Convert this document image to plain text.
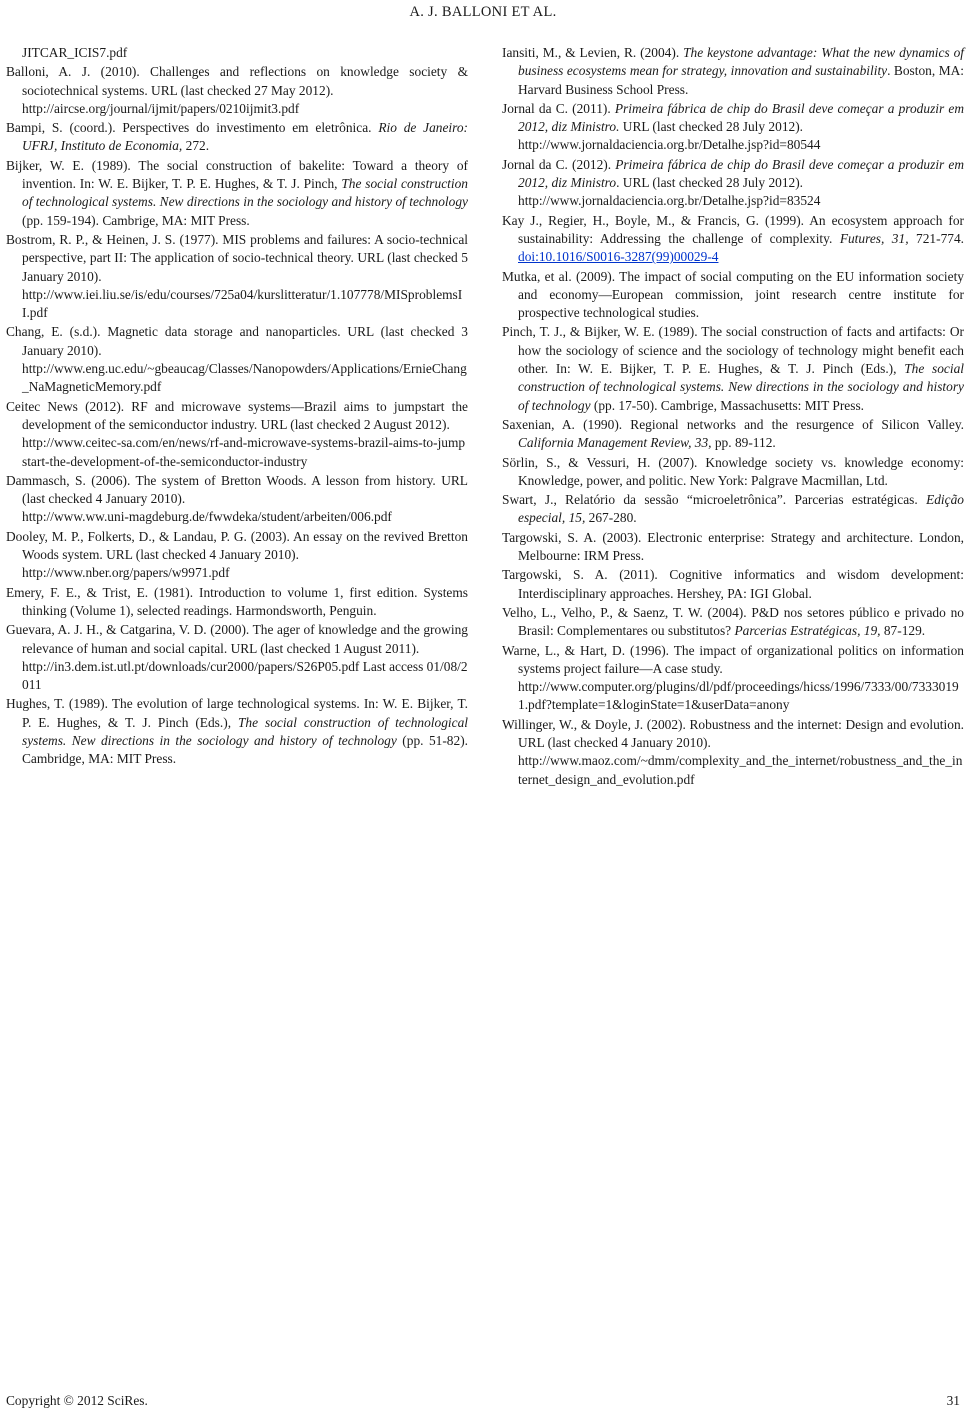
A. J. BALLONI ET AL.

JITCAR_ICIS7.pdf

Balloni, A. J. (2010). Challenges and reflections on knowledge society & sociotechnical systems. URL (last checked 27 May 2012).
http://aircse.org/journal/ijmit/papers/0210ijmit3.pdf

Bampi, S. (coord.). Perspectives do investimento em eletrônica. Rio de Janeiro: UFRJ, Instituto de Economia, 272.

Bijker, W. E. (1989). The social construction of bakelite: Toward a theory of invention. In: W. E. Bijker, T. P. E. Hughes, & T. J. Pinch, The social construction of technological systems. New directions in the sociology and history of technology (pp. 159-194). Cambrige, MA: MIT Press.

Bostrom, R. P., & Heinen, J. S. (1977). MIS problems and failures: A socio-technical perspective, part II: The application of socio-technical theory. URL (last checked 5 January 2010).
http://www.iei.liu.se/is/edu/courses/725a04/kurslitteratur/1.107778/MISproblemsII.pdf

Chang, E. (s.d.). Magnetic data storage and nanoparticles. URL (last checked 3 January 2010).
http://www.eng.uc.edu/~gbeaucag/Classes/Nanopowders/Applications/ErnieChang_NaMagneticMemory.pdf

Ceitec News (2012). RF and microwave systems—Brazil aims to jumpstart the development of the semiconductor industry. URL (last checked 2 August 2012).
http://www.ceitec-sa.com/en/news/rf-and-microwave-systems-brazil-aims-to-jumpstart-the-development-of-the-semiconductor-industry

Dammasch, S. (2006). The system of Bretton Woods. A lesson from history. URL (last checked 4 January 2010).
http://www.ww.uni-magdeburg.de/fwwdeka/student/arbeiten/006.pdf

Dooley, M. P., Folkerts, D., & Landau, P. G. (2003). An essay on the revived Bretton Woods system. URL (last checked 4 January 2010).
http://www.nber.org/papers/w9971.pdf

Emery, F. E., & Trist, E. (1981). Introduction to volume 1, first edition. Systems thinking (Volume 1), selected readings. Harmondsworth, Penguin.

Guevara, A. J. H., & Catgarina, V. D. (2000). The ager of knowledge and the growing relevance of human and social capital. URL (last checked 1 August 2011).
http://in3.dem.ist.utl.pt/downloads/cur2000/papers/S26P05.pdf Last access 01/08/2011

Hughes, T. (1989). The evolution of large technological systems. In: W. E. Bijker, T. P. E. Hughes, & T. J. Pinch (Eds.), The social construction of technological systems. New directions in the sociology and history of technology (pp. 51-82). Cambridge, MA: MIT Press.

Iansiti, M., & Levien, R. (2004). The keystone advantage: What the new dynamics of business ecosystems mean for strategy, innovation and sustainability. Boston, MA: Harvard Business School Press.

Jornal da C. (2011). Primeira fábrica de chip do Brasil deve começar a produzir em 2012, diz Ministro. URL (last checked 28 July 2012).
http://www.jornaldaciencia.org.br/Detalhe.jsp?id=80544

Jornal da C. (2012). Primeira fábrica de chip do Brasil deve começar a produzir em 2012, diz Ministro. URL (last checked 28 July 2012).
http://www.jornaldaciencia.org.br/Detalhe.jsp?id=83524

Kay J., Regier, H., Boyle, M., & Francis, G. (1999). An ecosystem approach for sustainability: Addressing the challenge of complexity. Futures, 31, 721-774. doi:10.1016/S0016-3287(99)00029-4

Mutka, et al. (2009). The impact of social computing on the EU information society and economy—European commission, joint research centre institute for prospective technological studies.

Pinch, T. J., & Bijker, W. E. (1989). The social construction of facts and artifacts: Or how the sociology of science and the sociology of technology might benefit each other. In: W. E. Bijker, T. P. E. Hughes, & T. J. Pinch (Eds.), The social construction of technological systems. New directions in the sociology and history of technology (pp. 17-50). Cambrige, Massachusetts: MIT Press.

Saxenian, A. (1990). Regional networks and the resurgence of Silicon Valley. California Management Review, 33, pp. 89-112.

Sörlin, S., & Vessuri, H. (2007). Knowledge society vs. knowledge economy: Knowledge, power, and politic. New York: Palgrave Macmillan, Ltd.

Swart, J., Relatório da sessão “microeletrônica”. Parcerias estratégicas. Edição especial, 15, 267-280.

Targowski, S. A. (2003). Electronic enterprise: Strategy and architecture. London, Melbourne: IRM Press.

Targowski, S. A. (2011). Cognitive informatics and wisdom development: Interdisciplinary approaches. Hershey, PA: IGI Global.

Velho, L., Velho, P., & Saenz, T. W. (2004). P&D nos setores público e privado no Brasil: Complementares ou substitutos? Parcerias Estratégicas, 19, 87-129.

Warne, L., & Hart, D. (1996). The impact of organizational politics on information systems project failure—A case study.
http://www.computer.org/plugins/dl/pdf/proceedings/hicss/1996/7333/00/73330191.pdf?template=1&loginState=1&userData=anony

Willinger, W., & Doyle, J. (2002). Robustness and the internet: Design and evolution. URL (last checked 4 January 2010).
http://www.maoz.com/~dmm/complexity_and_the_internet/robustness_and_the_internet_design_and_evolution.pdf

Copyright © 2012 SciRes.	31
